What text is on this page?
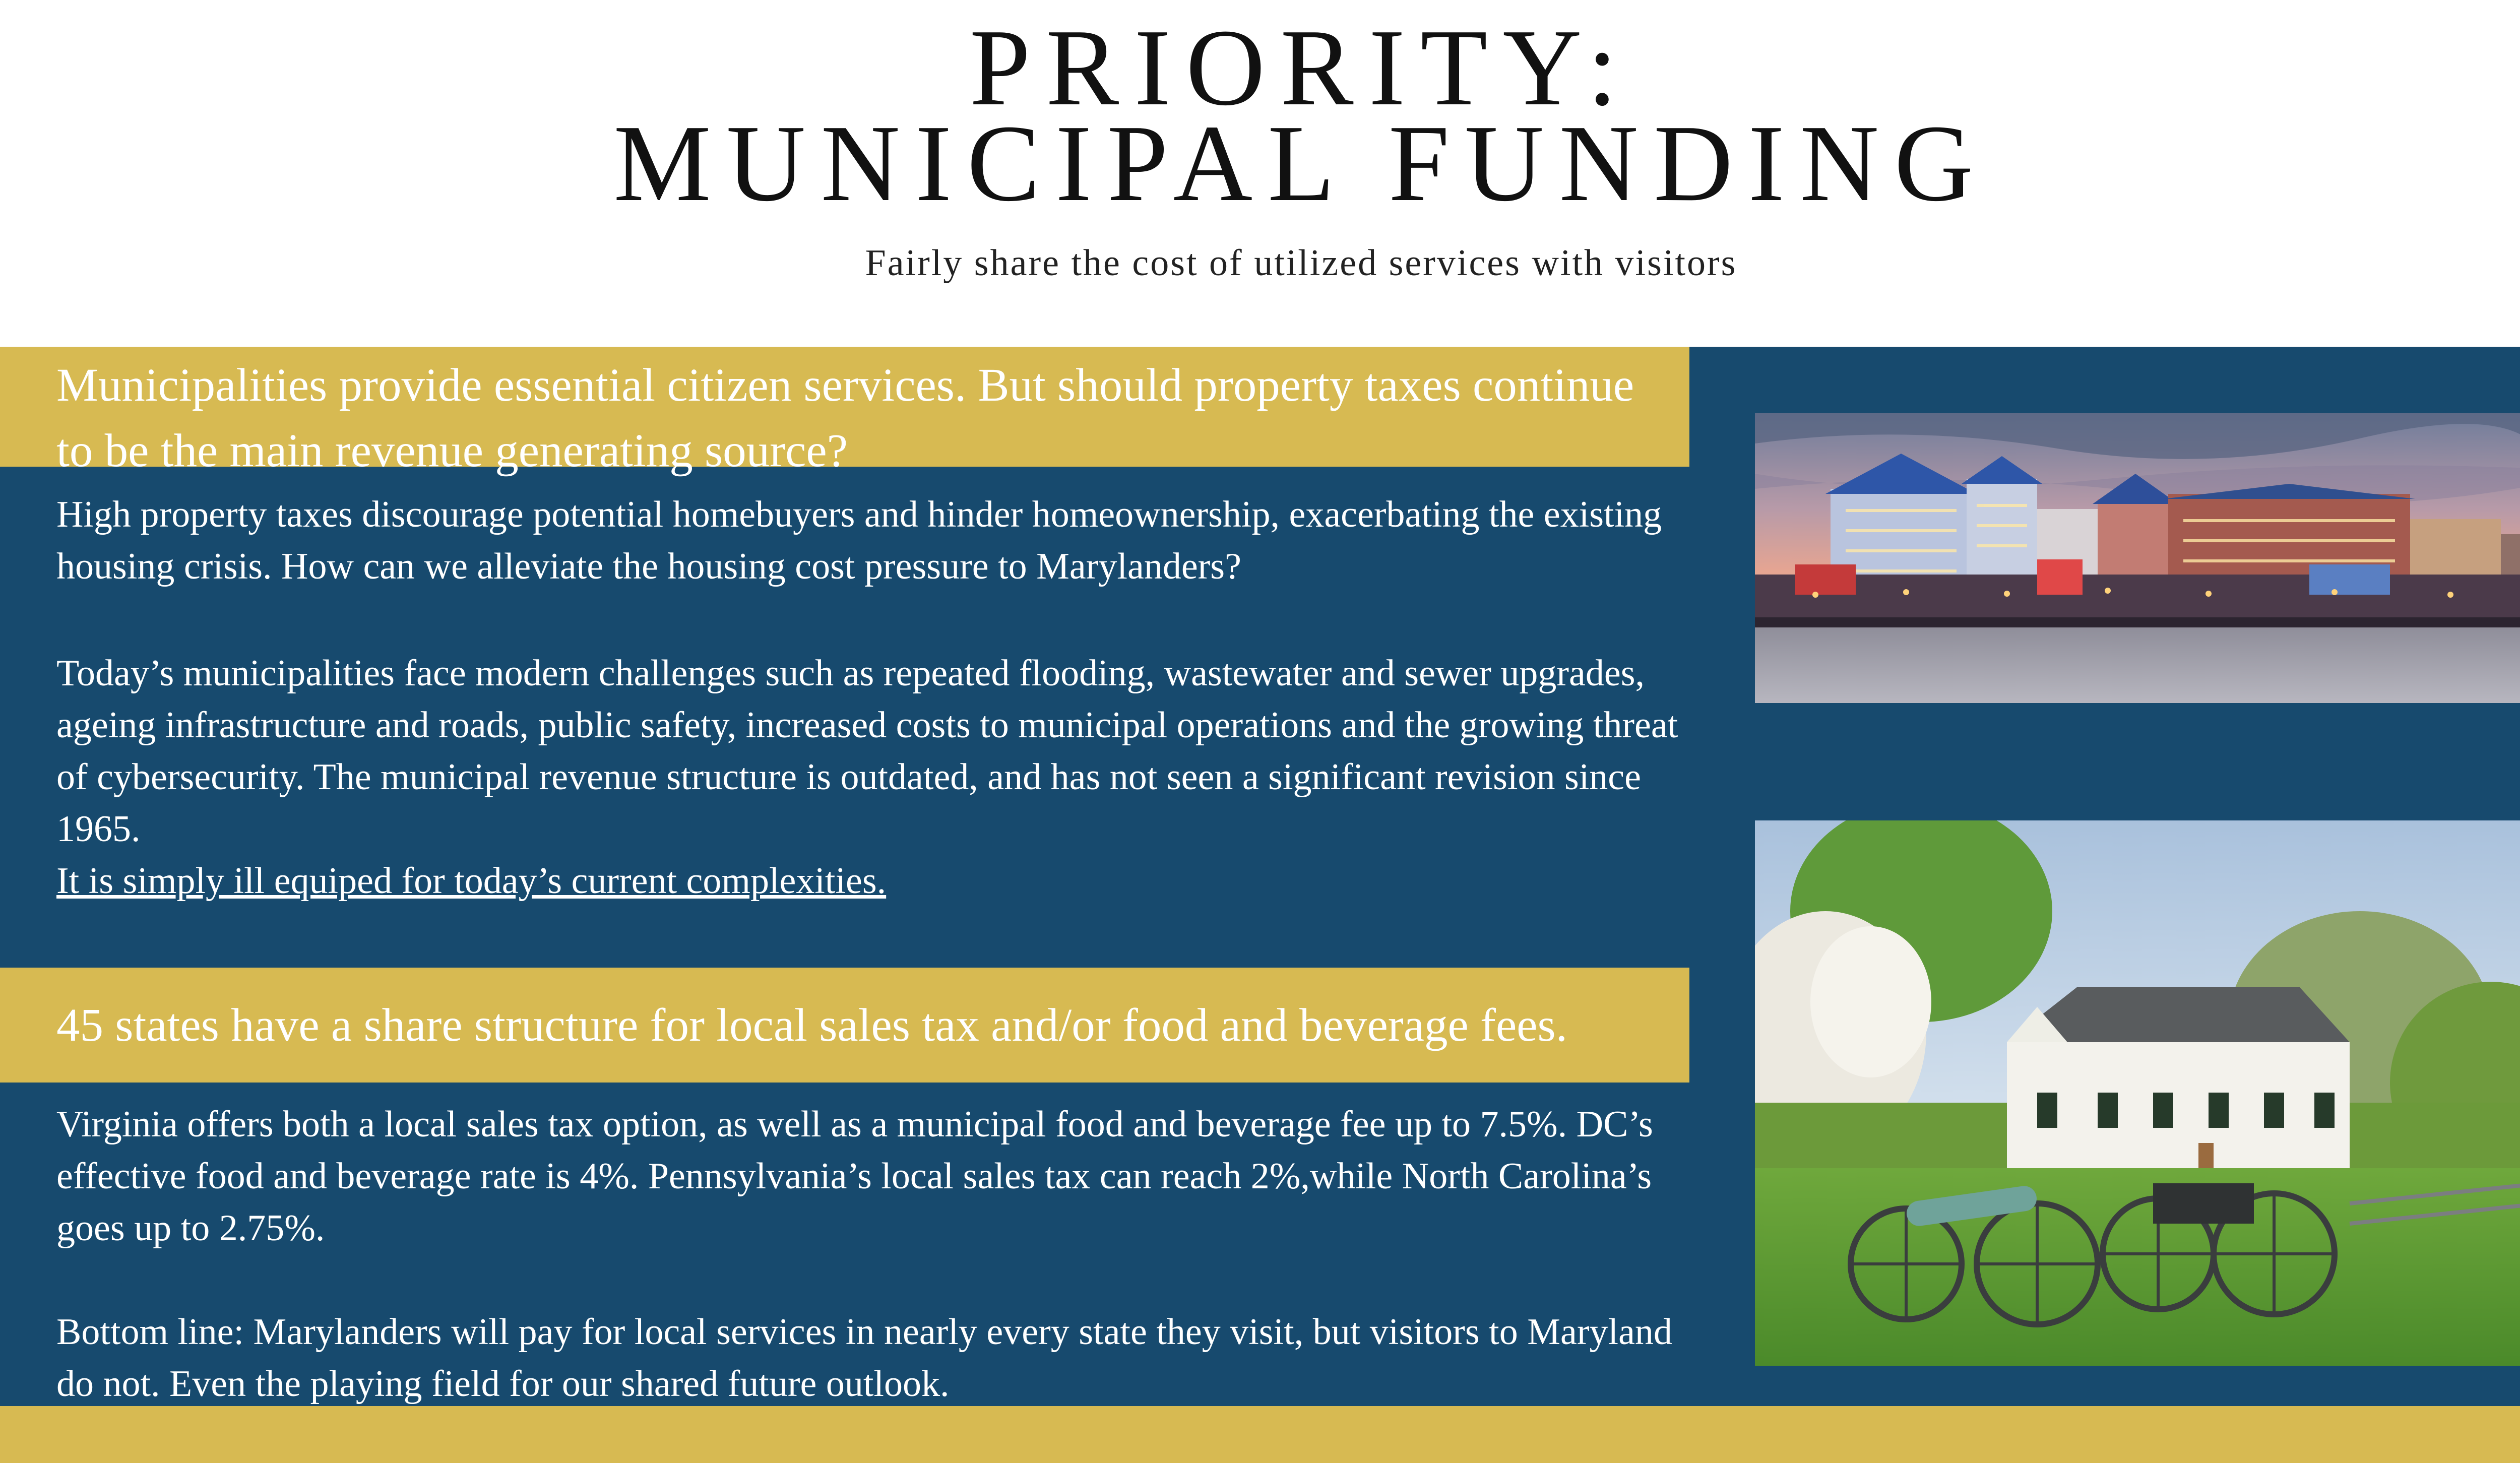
PRIORITY:
MUNICIPAL FUNDING
Fairly share the cost of utilized services with visitors
Municipalities provide essential citizen services. But should property taxes continue to be the main revenue generating source?

High property taxes discourage potential homebuyers and hinder homeownership, exacerbating the existing housing crisis. How can we alleviate the housing cost pressure to Marylanders?

Today’s municipalities face modern challenges such as repeated flooding, wastewater and sewer upgrades, ageing infrastructure and roads, public safety, increased costs to municipal operations and the growing threat of cybersecurity. The municipal revenue structure is outdated, and has not seen a significant revision since 1965.

It is simply ill equiped for today’s current complexities.

45 states have a share structure for local sales tax and/or food and beverage fees.

Virginia offers both a local sales tax option, as well as a municipal food and beverage fee up to 7.5%. DC’s effective food and beverage rate is 4%. Pennsylvania’s local sales tax can reach 2%,while North Carolina’s goes up to 2.75%.

Bottom line: Marylanders will pay for local services in nearly every state they visit, but visitors to Maryland do not. Even the playing field for our shared future outlook.
